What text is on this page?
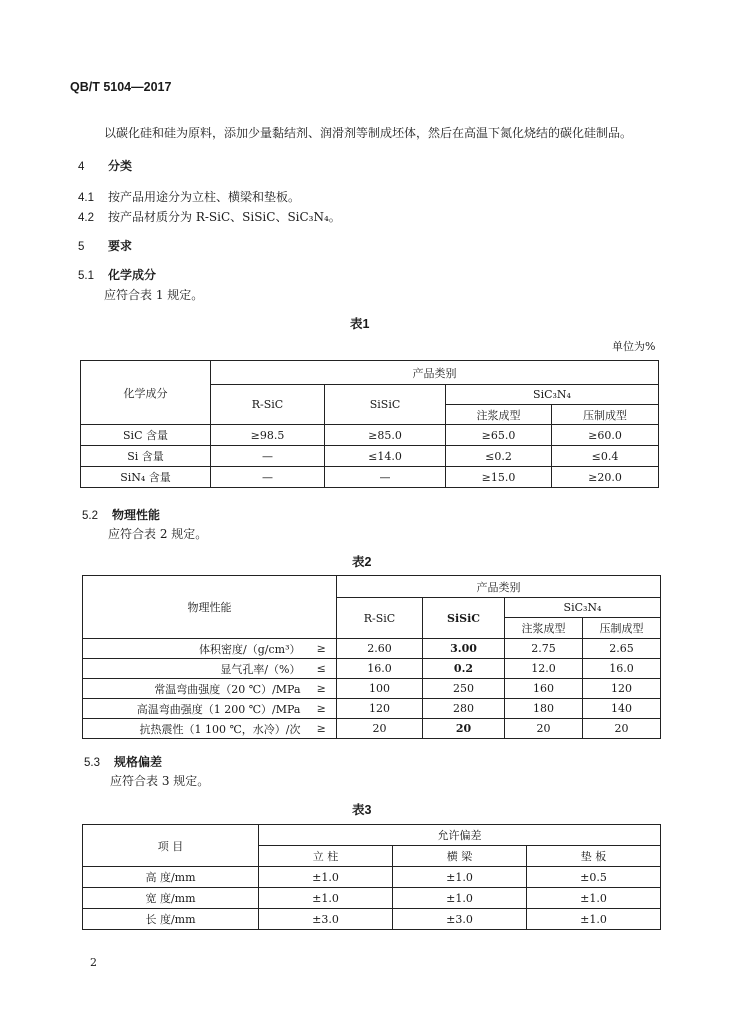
QB/T 5104—2017
以碳化硅和硅为原料，添加少量黏结剂、润滑剂等制成坯体，然后在高温下氮化烧结的碳化硅制品。
4 分类
4.1 按产品用途分为立柱、横梁和垫板。
4.2 按产品材质分为 R-SiC、SiSiC、SiC₃N₄。
5 要求
5.1 化学成分
应符合表 1 规定。
表1
单位为%
化学成分	产品类别			
	R-SiC	SiSiC	SiC₃N₄	
			注浆成型	压制成型
SiC 含量	≥98.5	≥85.0	≥65.0	≥60.0
Si 含量	—	≤14.0	≤0.2	≤0.4
SiN₄ 含量	—	—	≥15.0	≥20.0
5.2 物理性能
应符合表 2 规定。
表2
物理性能		产品类别			
		R-SiC	SiSiC	SiC₃N₄	
				注浆成型	压制成型
体积密度/（g/cm³）	≥	2.60	3.00	2.75	2.65
显气孔率/（%）	≤	16.0	0.2	12.0	16.0
常温弯曲强度（20 ℃）/MPa	≥	100	250	160	120
高温弯曲强度（1 200 ℃）/MPa	≥	120	280	180	140
抗热震性（1 100 ℃，水冷）/次	≥	20	20	20	20
5.3 规格偏差
应符合表 3 规定。
表3
项 目	允许偏差		
	立 柱	横 梁	垫 板
高 度/mm	±1.0	±1.0	±0.5
宽 度/mm	±1.0	±1.0	±1.0
长 度/mm	±3.0	±3.0	±1.0
2
